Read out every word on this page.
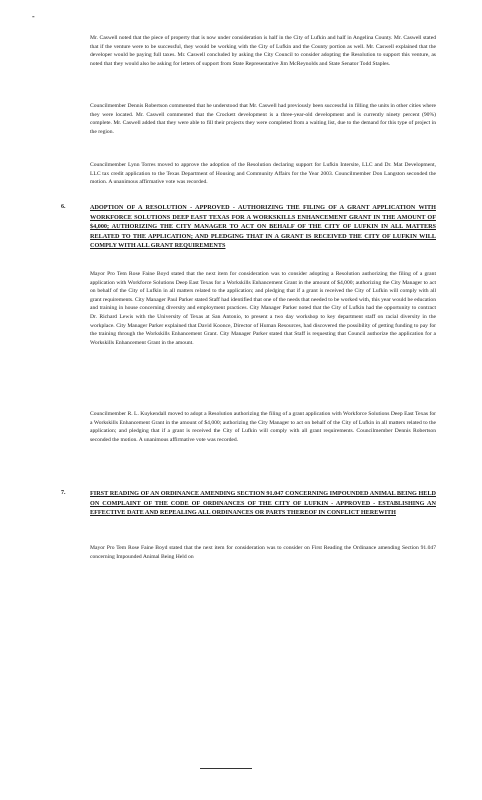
-

Mr. Caswell noted that the piece of property that is now under consideration is half in the City of Lufkin and half in Angelina County. Mr. Caswell stated that if the venture were to be successful, they would be working with the City of Lufkin and the County portion as well. Mr. Caswell explained that the developer would be paying full taxes. Mr. Caswell concluded by asking the City Council to consider adopting the Resolution to support this venture, as noted that they would also be asking for letters of support from State Representative Jim McReynolds and State Senator Todd Staples.

Councilmember Dennis Robertson commented that he understood that Mr. Caswell had previously been successful in filling the units in other cities where they were located. Mr. Caswell commented that the Crockett development is a three-year-old development and is currently ninety percent (90%) complete. Mr. Caswell added that they were able to fill their projects they were completed from a waiting list, due to the demand for this type of project in the region.

Councilmember Lynn Torres moved to approve the adoption of the Resolution declaring support for Lufkin Intersite, LLC and Dr. Mat Development, LLC tax credit application to the Texas Department of Housing and Community Affairs for the Year 2003. Councilmember Don Langston seconded the motion. A unanimous affirmative vote was recorded.

6.	ADOPTION OF A RESOLUTION - APPROVED - AUTHORIZING THE FILING OF A GRANT APPLICATION WITH WORKFORCE SOLUTIONS DEEP EAST TEXAS FOR A WORKSKILLS ENHANCEMENT GRANT IN THE AMOUNT OF $4,000; AUTHORIZING THE CITY MANAGER TO ACT ON BEHALF OF THE CITY OF LUFKIN IN ALL MATTERS RELATED TO THE APPLICATION; AND PLEDGING THAT IN A GRANT IS RECEIVED THE CITY OF LUFKIN WILL COMPLY WITH ALL GRANT REQUIREMENTS

Mayor Pro Tem Rose Faine Boyd stated that the next item for consideration was to consider adopting a Resolution authorizing the filing of a grant application with Workforce Solutions Deep East Texas for a Workskills Enhancement Grant in the amount of $4,000; authorizing the City Manager to act on behalf of the City of Lufkin in all matters related to the application; and pledging that if a grant is received the City of Lufkin will comply with all grant requirements. City Manager Paul Parker stated Staff had identified that one of the needs that needed to be worked with, this year would be education and training in house concerning diversity and employment practices. City Manager Parker noted that the City of Lufkin had the opportunity to contract Dr. Richard Lewis with the University of Texas at San Antonio, to present a two day workshop to key department staff on racial diversity in the workplace. City Manager Parker explained that David Koonce, Director of Human Resources, had discovered the possibility of getting funding to pay for the training through the Workskills Enhancement Grant. City Manager Parker stated that Staff is requesting that Council authorize the application for a Workskills Enhancement Grant in the amount.

Councilmember R. L. Kuykendall moved to adopt a Resolution authorizing the filing of a grant application with Workforce Solutions Deep East Texas for a Workskills Enhancement Grant in the amount of $4,000; authorizing the City Manager to act on behalf of the City of Lufkin in all matters related to the application; and pledging that if a grant is received the City of Lufkin will comply with all grant requirements. Councilmember Dennis Robertson seconded the motion. A unanimous affirmative vote was recorded.

7.	FIRST READING OF AN ORDINANCE AMENDING SECTION 91.047 CONCERNING IMPOUNDED ANIMAL BEING HELD ON COMPLAINT OF THE CODE OF ORDINANCES OF THE CITY OF LUFKIN - APPROVED - ESTABLISHING AN EFFECTIVE DATE AND REPEALING ALL ORDINANCES OR PARTS THEREOF IN CONFLICT HEREWITH

Mayor Pro Tem Rose Faine Boyd stated that the next item for consideration was to consider on First Reading the Ordinance amending Section 91.047 concerning Impounded Animal Being Held on
